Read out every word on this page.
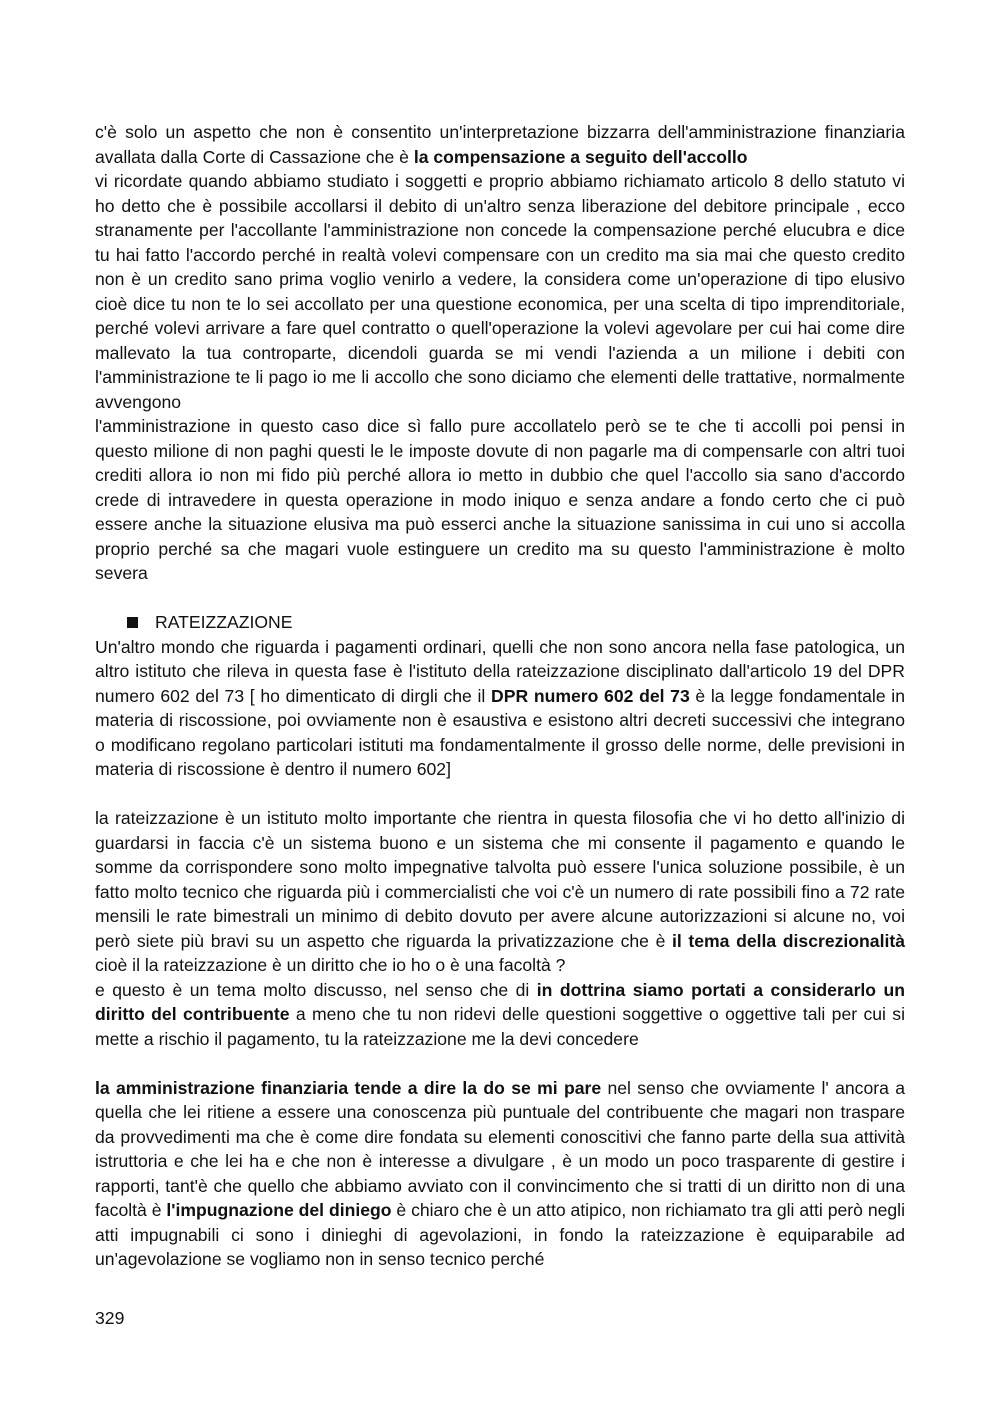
c'è solo un aspetto che non è consentito un'interpretazione bizzarra dell'amministrazione finanziaria avallata dalla Corte di Cassazione che è la compensazione a seguito dell'accollo

vi ricordate quando abbiamo studiato i soggetti e proprio abbiamo richiamato articolo 8 dello statuto vi ho detto che è possibile accollarsi il debito di un'altro senza liberazione del debitore principale , ecco stranamente per l'accollante l'amministrazione non concede la compensazione perché elucubra e dice tu hai fatto l'accordo perché in realtà volevi compensare con un credito ma sia mai che questo credito non è un credito sano prima voglio venirlo a vedere, la considera come un'operazione di tipo elusivo cioè dice tu non te lo sei accollato per una questione economica, per una scelta di tipo imprenditoriale, perché volevi arrivare a fare quel contratto o quell'operazione la volevi agevolare per cui hai come dire mallevato la tua controparte, dicendoli guarda se mi vendi l'azienda a un milione i debiti con l'amministrazione te li pago io me li accollo che sono diciamo che elementi delle trattative, normalmente avvengono

l'amministrazione in questo caso dice sì fallo pure accollatelo però se te che ti accolli poi pensi in questo milione di non paghi questi le le imposte dovute di non pagarle ma di compensarle con altri tuoi crediti allora io non mi fido più perché allora io metto in dubbio che quel l'accollo sia sano d'accordo crede di intravedere in questa operazione in modo iniquo e senza andare a fondo certo che ci può essere anche la situazione elusiva ma può esserci anche la situazione sanissima in cui uno si accolla proprio perché sa che magari vuole estinguere un credito ma su questo l'amministrazione è molto severa

RATEIZZAZIONE

Un'altro mondo che riguarda i pagamenti ordinari, quelli che non sono ancora nella fase patologica, un altro istituto che rileva in questa fase è l'istituto della rateizzazione disciplinato dall'articolo 19 del DPR numero 602 del 73 [ ho dimenticato di dirgli che il DPR numero 602 del 73 è la legge fondamentale in materia di riscossione, poi ovviamente non è esaustiva e esistono altri decreti successivi che integrano o modificano regolano particolari istituti ma fondamentalmente il grosso delle norme, delle previsioni in materia di riscossione è dentro il numero 602]

la rateizzazione è un istituto molto importante che rientra in questa filosofia che vi ho detto all'inizio di guardarsi in faccia c'è un sistema buono e un sistema che mi consente il pagamento e quando le somme da corrispondere sono molto impegnative talvolta può essere l'unica soluzione possibile, è un fatto molto tecnico che riguarda più i commercialisti che voi c'è un numero di rate possibili fino a 72 rate mensili le rate bimestrali un minimo di debito dovuto per avere alcune autorizzazioni si alcune no, voi però siete più bravi su un aspetto che riguarda la privatizzazione che è il tema della discrezionalità cioè il la rateizzazione è un diritto che io ho o è una facoltà ?

e questo è un tema molto discusso, nel senso che di in dottrina siamo portati a considerarlo un diritto del contribuente a meno che tu non ridevi delle questioni soggettive o oggettive tali per cui si mette a rischio il pagamento, tu la rateizzazione me la devi concedere

la amministrazione finanziaria tende a dire la do se mi pare nel senso che ovviamente l' ancora a quella che lei ritiene a essere una conoscenza più puntuale del contribuente che magari non traspare da provvedimenti ma che è come dire fondata su elementi conoscitivi che fanno parte della sua attività istruttoria e che lei ha e che non è interesse a divulgare , è un modo un poco trasparente di gestire i rapporti, tant'è che quello che abbiamo avviato con il convincimento che si tratti di un diritto non di una facoltà è l'impugnazione del diniego è chiaro che è un atto atipico, non richiamato tra gli atti però negli atti impugnabili ci sono i dinieghi di agevolazioni, in fondo la rateizzazione è equiparabile ad un'agevolazione se vogliamo non in senso tecnico perché

329
